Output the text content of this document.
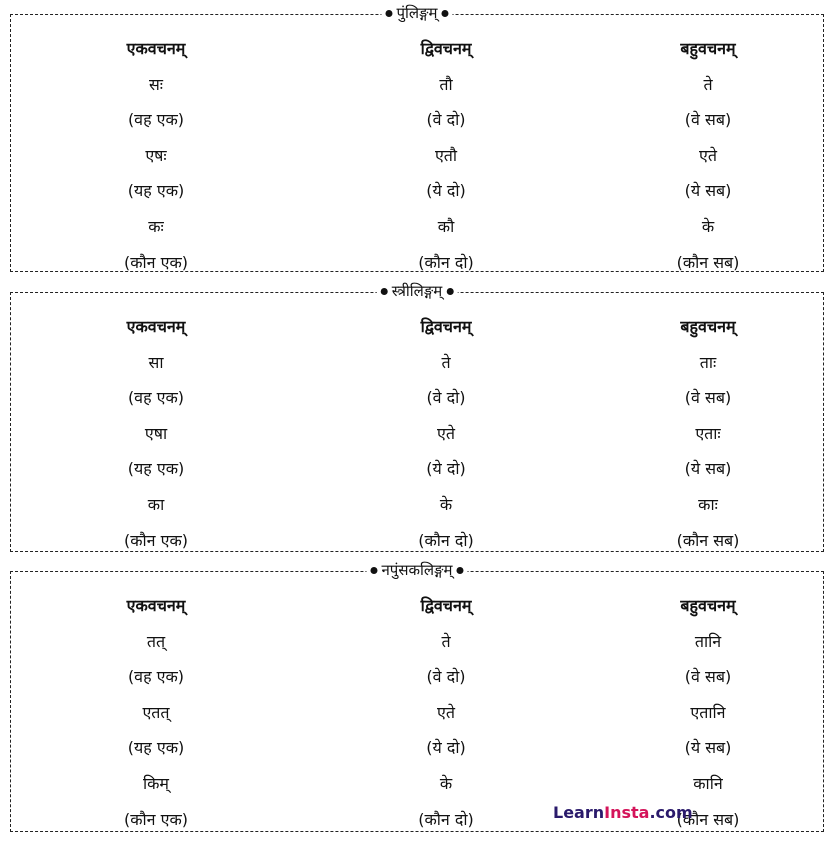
पुंलिङ्गम्
एकवचनम्	द्विवचनम्	बहुवचनम्
सः	तौ	ते
(वह एक)	(वे दो)	(वे सब)
एषः	एतौ	एते
(यह एक)	(ये दो)	(ये सब)
कः	कौ	के
(कौन एक)	(कौन दो)	(कौन सब)
स्त्रीलिङ्गम्
एकवचनम्	द्विवचनम्	बहुवचनम्
सा	ते	ताः
(वह एक)	(वे दो)	(वे सब)
एषा	एते	एताः
(यह एक)	(ये दो)	(ये सब)
का	के	काः
(कौन एक)	(कौन दो)	(कौन सब)
नपुंसकलिङ्गम्
एकवचनम्	द्विवचनम्	बहुवचनम्
तत्	ते	तानि
(वह एक)	(वे दो)	(वे सब)
एतत्	एते	एतानि
(यह एक)	(ये दो)	(ये सब)
किम्	के	कानि
(कौन एक)	(कौन दो)	(कौन सब)
LearnInsta.com
